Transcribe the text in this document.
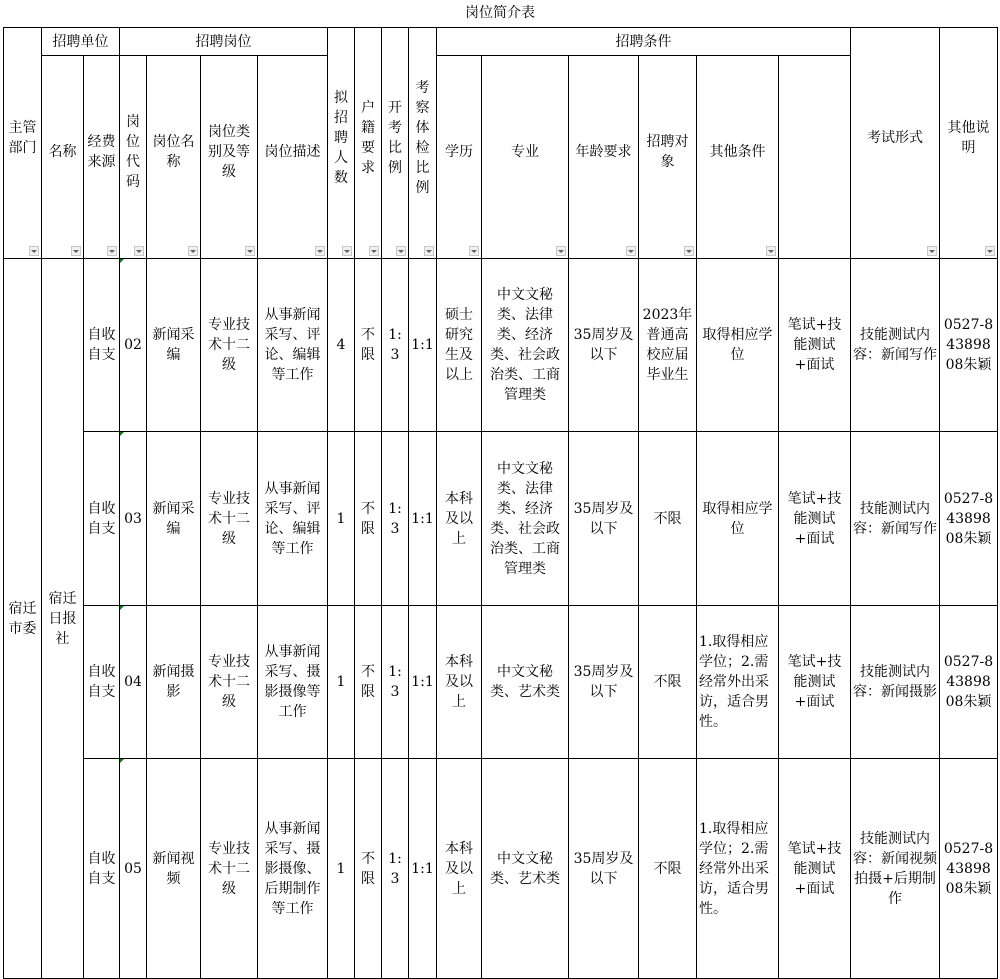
岗位简介表
主管部门	招聘单位		招聘岗位				拟招聘人数	户籍要求	开考比例	考察体检比例	招聘条件						考试形式	其他说明

	名称	经费来源	岗位代码	岗位名称	岗位类别及等级	岗位描述					学历	专业	年龄要求	招聘对象	其他条件				

宿迁市委	宿迁日报社	自收自支	02	新闻采编	专业技术十二级	从事新闻采写、评论、编辑等工作	4	不限	1:3	1:1	硕士研究生及以上	中文文秘类、法律类、经济类、社会政治类、工商管理类	35周岁及以下	2023年普通高校应届毕业生	取得相应学位	笔试+技能测试+面试	技能测试内容：新闻写作	0527-84389808朱颖	
		自收自支	03	新闻采编	专业技术十二级	从事新闻采写、评论、编辑等工作	1	不限	1:3	1:1	本科及以上	中文文秘类、法律类、经济类、社会政治类、工商管理类	35周岁及以下	不限	取得相应学位	笔试+技能测试+面试	技能测试内容：新闻写作	0527-84389808朱颖	
		自收自支	04	新闻摄影	专业技术十二级	从事新闻采写、摄影摄像等工作	1	不限	1:3	1:1	本科及以上	中文文秘类、艺术类	35周岁及以下	不限	1.取得相应学位；2.需经常外出采访，适合男性。	笔试+技能测试+面试	技能测试内容：新闻摄影	0527-84389808朱颖	
		自收自支	05	新闻视频	专业技术十二级	从事新闻采写、摄影摄像、后期制作等工作	1	不限	1:3	1:1	本科及以上	中文文秘类、艺术类	35周岁及以下	不限	1.取得相应学位；2.需经常外出采访，适合男性。	笔试+技能测试+面试	技能测试内容：新闻视频拍摄+后期制作	0527-84389808朱颖	
